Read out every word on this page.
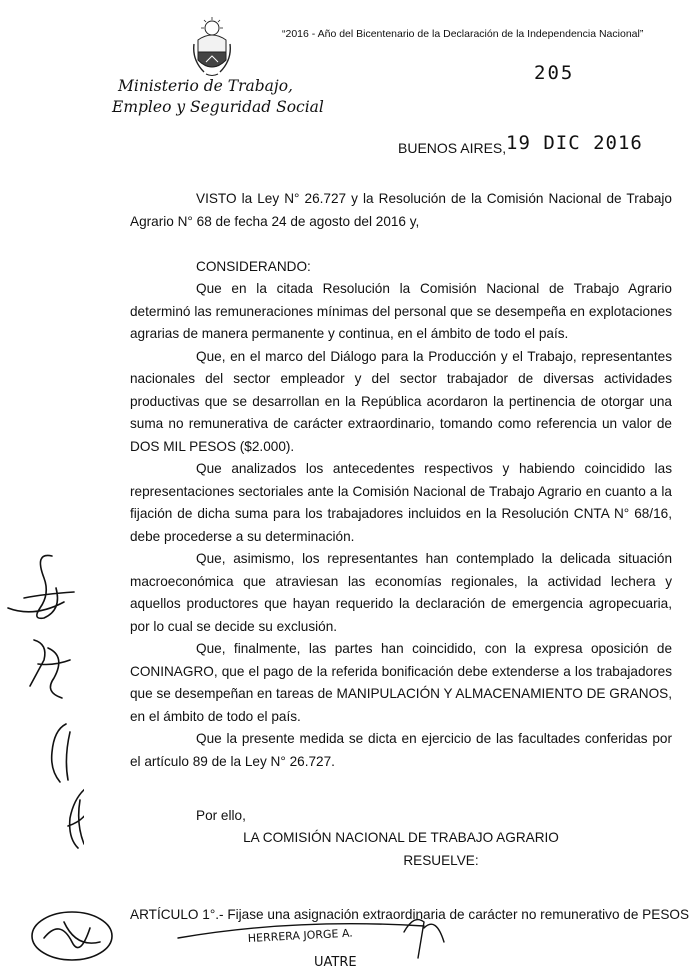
“2016 - Año del Bicentenario de la Declaración de la Independencia Nacional”
Ministerio de Trabajo,
Empleo y Seguridad Social
205
BUENOS AIRES, 19 DIC 2016

VISTO la Ley N° 26.727 y la Resolución de la Comisión Nacional de Trabajo Agrario N° 68 de fecha 24 de agosto del 2016 y,

CONSIDERANDO:

Que en la citada Resolución la Comisión Nacional de Trabajo Agrario determinó las remuneraciones mínimas del personal que se desempeña en explotaciones agrarias de manera permanente y continua, en el ámbito de todo el país.

Que, en el marco del Diálogo para la Producción y el Trabajo, representantes nacionales del sector empleador y del sector trabajador de diversas actividades productivas que se desarrollan en la República acordaron la pertinencia de otorgar una suma no remunerativa de carácter extraordinario, tomando como referencia un valor de DOS MIL PESOS ($2.000).

Que analizados los antecedentes respectivos y habiendo coincidido las representaciones sectoriales ante la Comisión Nacional de Trabajo Agrario en cuanto a la fijación de dicha suma para los trabajadores incluidos en la Resolución CNTA N° 68/16, debe procederse a su determinación.

Que, asimismo, los representantes han contemplado la delicada situación macroeconómica que atraviesan las economías regionales, la actividad lechera y aquellos productores que hayan requerido la declaración de emergencia agropecuaria, por lo cual se decide su exclusión.

Que, finalmente, las partes han coincidido, con la expresa oposición de CONINAGRO, que el pago de la referida bonificación debe extenderse a los trabajadores que se desempeñan en tareas de MANIPULACIÓN Y ALMACENAMIENTO DE GRANOS, en el ámbito de todo el país.

Que la presente medida se dicta en ejercicio de las facultades conferidas por el artículo 89 de la Ley N° 26.727.

Por ello,

LA COMISIÓN NACIONAL DE TRABAJO AGRARIO

RESUELVE:

ARTÍCULO 1°.- Fijase una asignación extraordinaria de carácter no remunerativo de PESOS

HERRERA JORGE A.
UATRE
